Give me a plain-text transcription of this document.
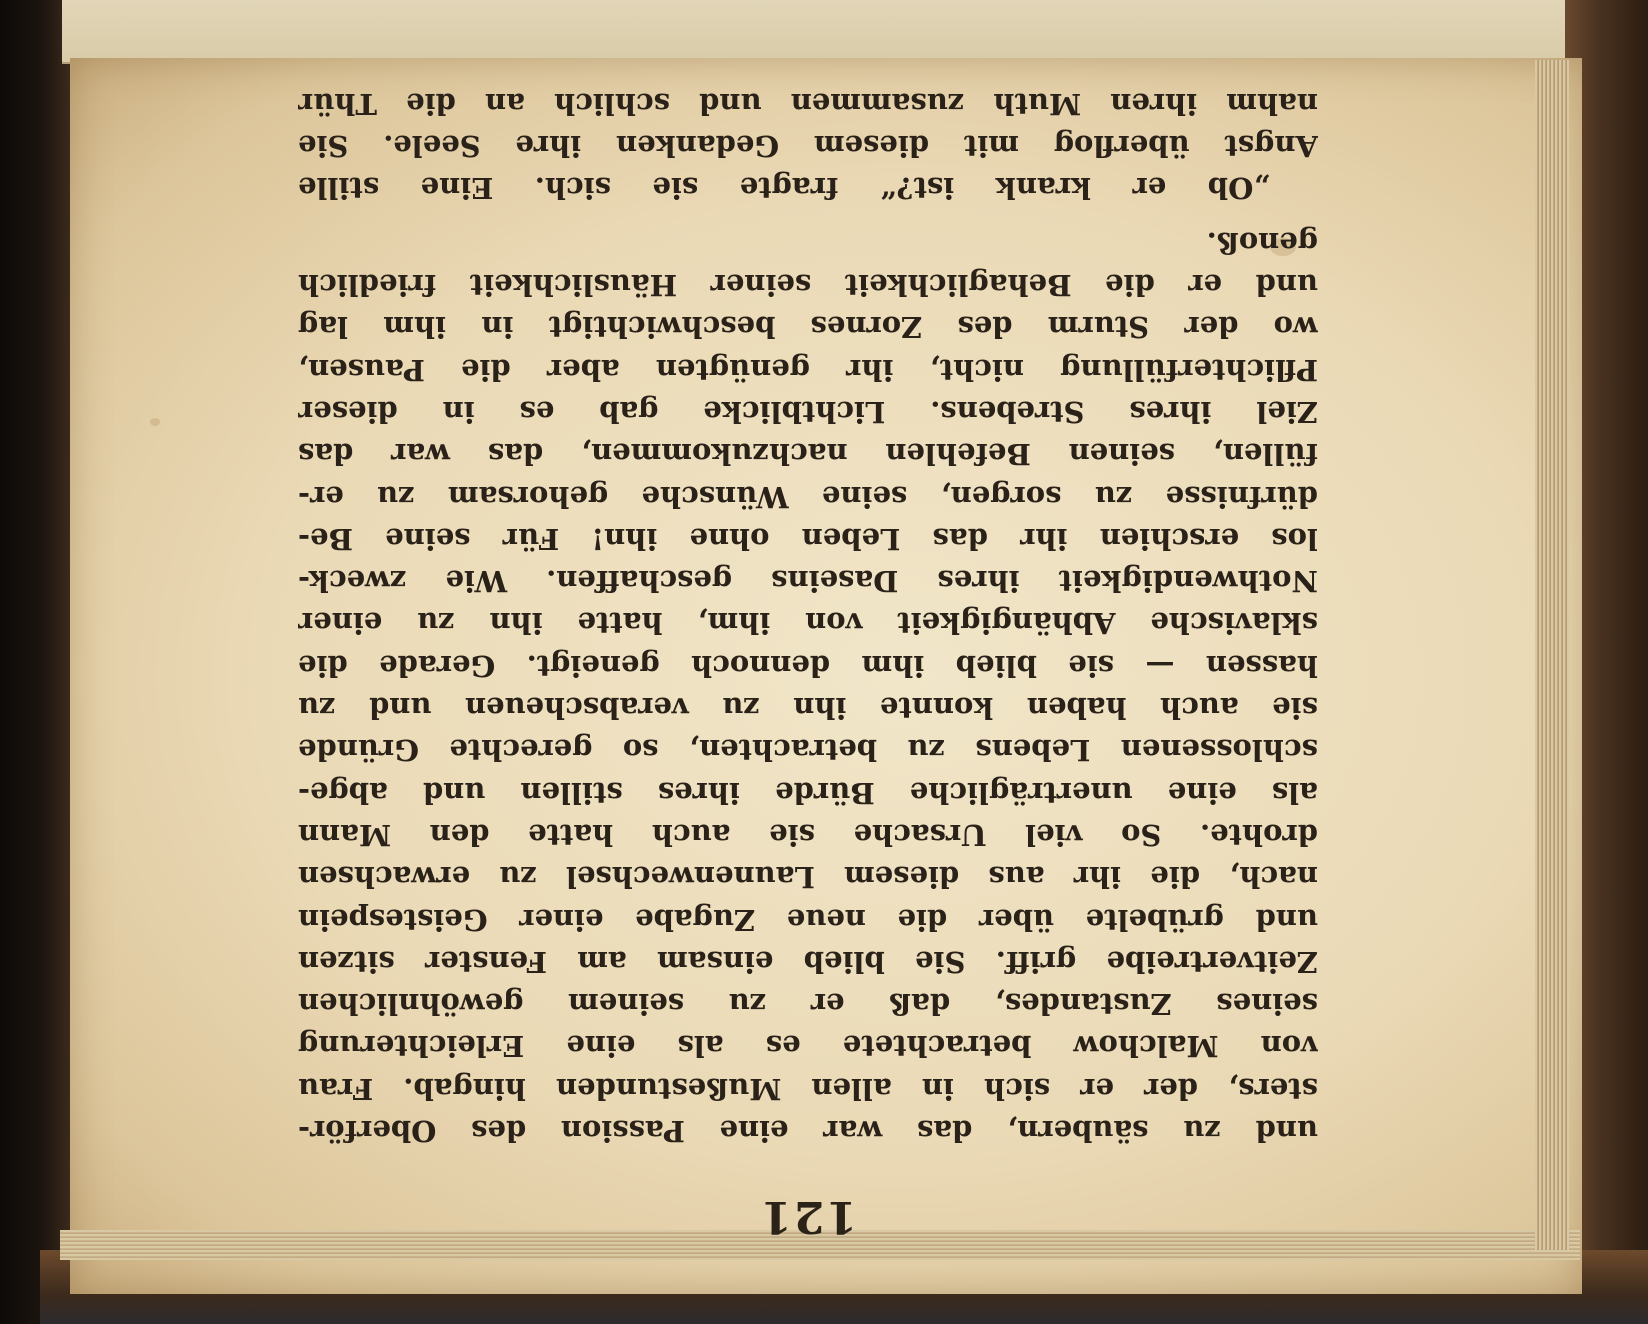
121

und zu säubern, das war eine Passion des Oberför-

sters, der er sich in allen Mußestunden hingab. Frau

von Malchow betrachtete es als eine Erleichterung

seines Zustandes, daß er zu seinem gewöhnlichen

Zeitvertreibe griff. Sie blieb einsam am Fenster sitzen

und grübelte über die neue Zugabe einer Geistespein

nach, die ihr aus diesem Launenwechsel zu erwachsen

drohte. So viel Ursache sie auch hatte den Mann

als eine unerträgliche Bürde ihres stillen und abge-

schlossenen Lebens zu betrachten, so gerechte Gründe

sie auch haben konnte ihn zu verabscheuen und zu

hassen — sie blieb ihm dennoch geneigt. Gerade die

sklavische Abhängigkeit von ihm, hatte ihn zu einer

Nothwendigkeit ihres Daseins geschaffen. Wie zweck-

los erschien ihr das Leben ohne ihn! Für seine Be-

dürfnisse zu sorgen, seine Wünsche gehorsam zu er-

füllen, seinen Befehlen nachzukommen, das war das

Ziel ihres Strebens. Lichtblicke gab es in dieser

Pflichterfüllung nicht, ihr genügten aber die Pausen,

wo der Sturm des Zornes beschwichtigt in ihm lag

und er die Behaglichkeit seiner Häuslichkeit friedlich

genoß.

„Ob er krank ist?“ fragte sie sich. Eine stille

Angst überflog mit diesem Gedanken ihre Seele. Sie

nahm ihren Muth zusammen und schlich an die Thür
